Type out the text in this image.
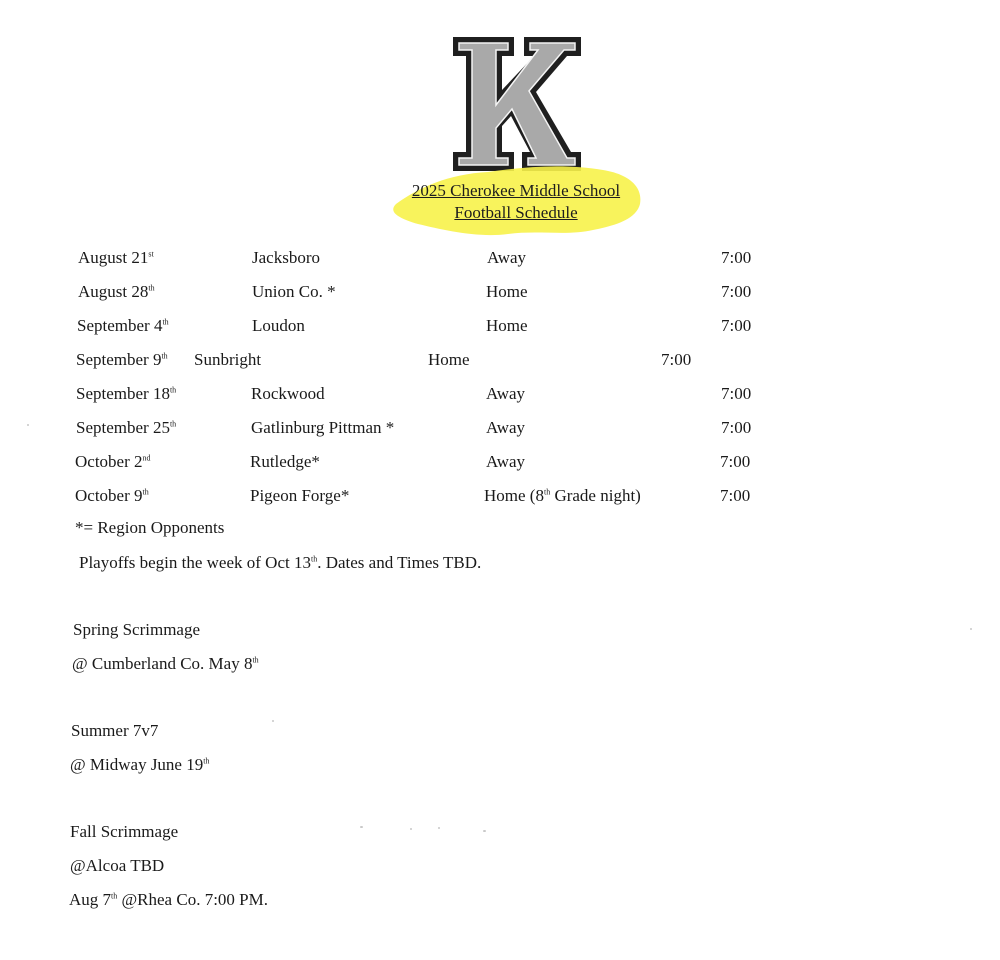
2025 Cherokee Middle School
Football Schedule
August 21st	Jacksboro	Away	7:00
August 28th	Union Co. *	Home	7:00
September 4th	Loudon	Home	7:00
September 9th Sunbright	Home	7:00
September 18th	Rockwood	Away	7:00
September 25th	Gatlinburg Pittman *	Away	7:00
October 2nd	Rutledge*	Away	7:00
October 9th	Pigeon Forge*	Home (8th Grade night)	7:00
*= Region Opponents
Playoffs begin the week of Oct 13th. Dates and Times TBD.
Spring Scrimmage
@ Cumberland Co. May 8th
Summer 7v7
@ Midway June 19th
Fall Scrimmage
@Alcoa TBD
Aug 7th @Rhea Co. 7:00 PM.
